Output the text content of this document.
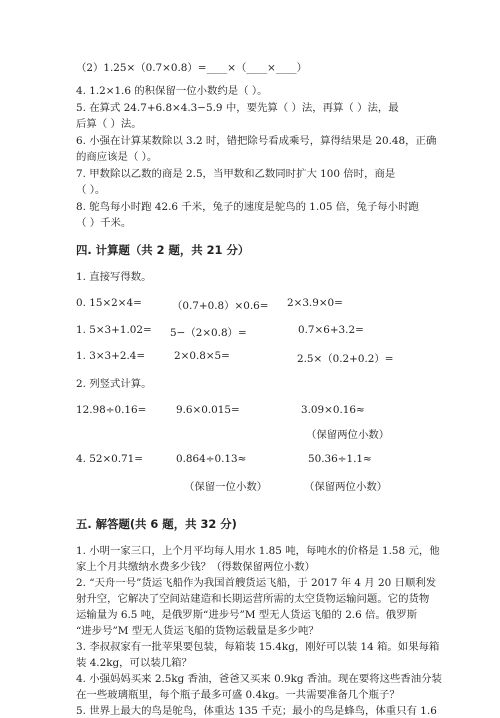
（2）1.25×（0.7×0.8）=____×（____×____）
4. 1.2×1.6 的积保留一位小数约是（ ）。
5. 在算式 24.7+6.8×4.3−5.9 中，要先算（ ）法，再算（ ）法，最
后算（ ）法。
6. 小强在计算某数除以 3.2 时，错把除号看成乘号，算得结果是 20.48，正确
的商应该是（ ）。
7. 甲数除以乙数的商是 2.5，当甲数和乙数同时扩大 100 倍时，商是
（ ）。
8. 鸵鸟每小时跑 42.6 千米，兔子的速度是鸵鸟的 1.05 倍，兔子每小时跑
（ ）千米。
四. 计算题（共 2 题，共 21 分）
1. 直接写得数。
0. 15×2×4=	（0.7+0.8）×0.6= 2×3.9×0=
1. 5×3+1.02= 5−（2×0.8）=	0.7×6+3.2=
1. 3×3+2.4=	2×0.8×5=	2.5×（0.2+0.2）=
2. 列竖式计算。
12.98÷0.16=	9.6×0.015=	3.09×0.16≈
（保留两位小数）
4. 52×0.71=	0.864÷0.13≈	50.36÷1.1≈
（保留一位小数）	（保留两位小数）
五. 解答题(共 6 题，共 32 分)
1. 小明一家三口，上个月平均每人用水 1.85 吨，每吨水的价格是 1.58 元，他
家上个月共缴纳水费多少钱？（得数保留两位小数）
2. “天舟一号”货运飞船作为我国首艘货运飞船，于 2017 年 4 月 20 日顺利发
射升空，它解决了空间站建造和长期运营所需的太空货物运输问题。它的货物
运输量为 6.5 吨，是俄罗斯“进步号”M 型无人货运飞船的 2.6 倍。俄罗斯
“进步号”M 型无人货运飞船的货物运载量是多少吨？
3. 李叔叔家有一批苹果要包装，每箱装 15.4kg，刚好可以装 14 箱。如果每箱
装 4.2kg，可以装几箱？
4. 小强妈妈买来 2.5kg 香油，爸爸又买来 0.9kg 香油。现在要将这些香油分装
在一些玻璃瓶里，每个瓶子最多可盛 0.4kg。一共需要准备几个瓶子？
5. 世界上最大的鸟是鸵鸟，体重达 135 千克；最小的鸟是蜂鸟，体重只有 1.6
